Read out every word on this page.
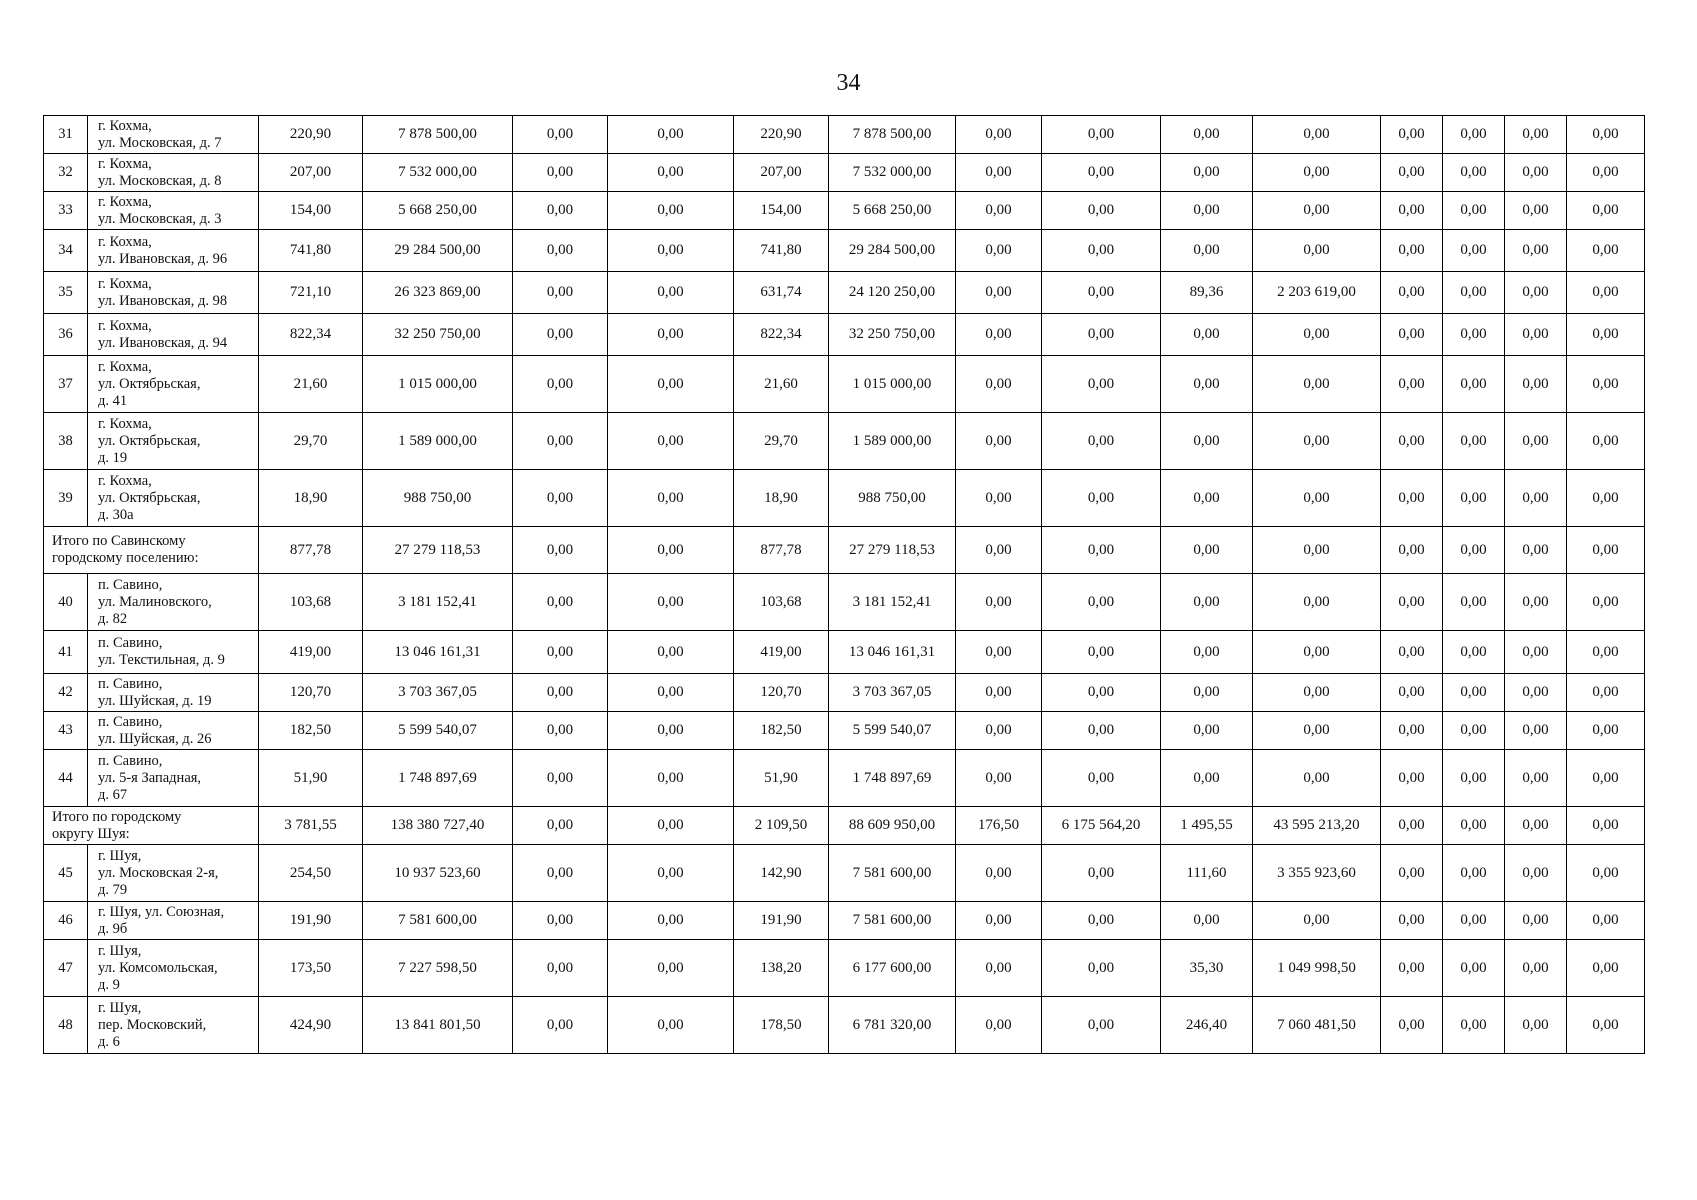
34
31	г. Кохма,
ул. Московская, д. 7	220,90	7 878 500,00	0,00	0,00	220,90	7 878 500,00	0,00	0,00	0,00	0,00	0,00	0,00	0,00	0,00
32	г. Кохма,
ул. Московская, д. 8	207,00	7 532 000,00	0,00	0,00	207,00	7 532 000,00	0,00	0,00	0,00	0,00	0,00	0,00	0,00	0,00
33	г. Кохма,
ул. Московская, д. 3	154,00	5 668 250,00	0,00	0,00	154,00	5 668 250,00	0,00	0,00	0,00	0,00	0,00	0,00	0,00	0,00
34	г. Кохма,
ул. Ивановская, д. 96	741,80	29 284 500,00	0,00	0,00	741,80	29 284 500,00	0,00	0,00	0,00	0,00	0,00	0,00	0,00	0,00
35	г. Кохма,
ул. Ивановская, д. 98	721,10	26 323 869,00	0,00	0,00	631,74	24 120 250,00	0,00	0,00	89,36	2 203 619,00	0,00	0,00	0,00	0,00
36	г. Кохма,
ул. Ивановская, д. 94	822,34	32 250 750,00	0,00	0,00	822,34	32 250 750,00	0,00	0,00	0,00	0,00	0,00	0,00	0,00	0,00
37	г. Кохма,
ул. Октябрьская,
д. 41	21,60	1 015 000,00	0,00	0,00	21,60	1 015 000,00	0,00	0,00	0,00	0,00	0,00	0,00	0,00	0,00
38	г. Кохма,
ул. Октябрьская,
д. 19	29,70	1 589 000,00	0,00	0,00	29,70	1 589 000,00	0,00	0,00	0,00	0,00	0,00	0,00	0,00	0,00
39	г. Кохма,
ул. Октябрьская,
д. 30а	18,90	988 750,00	0,00	0,00	18,90	988 750,00	0,00	0,00	0,00	0,00	0,00	0,00	0,00	0,00
Итого по Савинскому
городскому поселению:		877,78	27 279 118,53	0,00	0,00	877,78	27 279 118,53	0,00	0,00	0,00	0,00	0,00	0,00	0,00	0,00
40	п. Савино,
ул. Малиновского,
д. 82	103,68	3 181 152,41	0,00	0,00	103,68	3 181 152,41	0,00	0,00	0,00	0,00	0,00	0,00	0,00	0,00
41	п. Савино,
ул. Текстильная, д. 9	419,00	13 046 161,31	0,00	0,00	419,00	13 046 161,31	0,00	0,00	0,00	0,00	0,00	0,00	0,00	0,00
42	п. Савино,
ул. Шуйская, д. 19	120,70	3 703 367,05	0,00	0,00	120,70	3 703 367,05	0,00	0,00	0,00	0,00	0,00	0,00	0,00	0,00
43	п. Савино,
ул. Шуйская, д. 26	182,50	5 599 540,07	0,00	0,00	182,50	5 599 540,07	0,00	0,00	0,00	0,00	0,00	0,00	0,00	0,00
44	п. Савино,
ул. 5-я Западная,
д. 67	51,90	1 748 897,69	0,00	0,00	51,90	1 748 897,69	0,00	0,00	0,00	0,00	0,00	0,00	0,00	0,00
Итого по городскому
округу Шуя:		3 781,55	138 380 727,40	0,00	0,00	2 109,50	88 609 950,00	176,50	6 175 564,20	1 495,55	43 595 213,20	0,00	0,00	0,00	0,00
45	г. Шуя,
ул. Московская 2-я,
д. 79	254,50	10 937 523,60	0,00	0,00	142,90	7 581 600,00	0,00	0,00	111,60	3 355 923,60	0,00	0,00	0,00	0,00
46	г. Шуя, ул. Союзная,
д. 9б	191,90	7 581 600,00	0,00	0,00	191,90	7 581 600,00	0,00	0,00	0,00	0,00	0,00	0,00	0,00	0,00
47	г. Шуя,
ул. Комсомольская,
д. 9	173,50	7 227 598,50	0,00	0,00	138,20	6 177 600,00	0,00	0,00	35,30	1 049 998,50	0,00	0,00	0,00	0,00
48	г. Шуя,
пер. Московский,
д. 6	424,90	13 841 801,50	0,00	0,00	178,50	6 781 320,00	0,00	0,00	246,40	7 060 481,50	0,00	0,00	0,00	0,00
